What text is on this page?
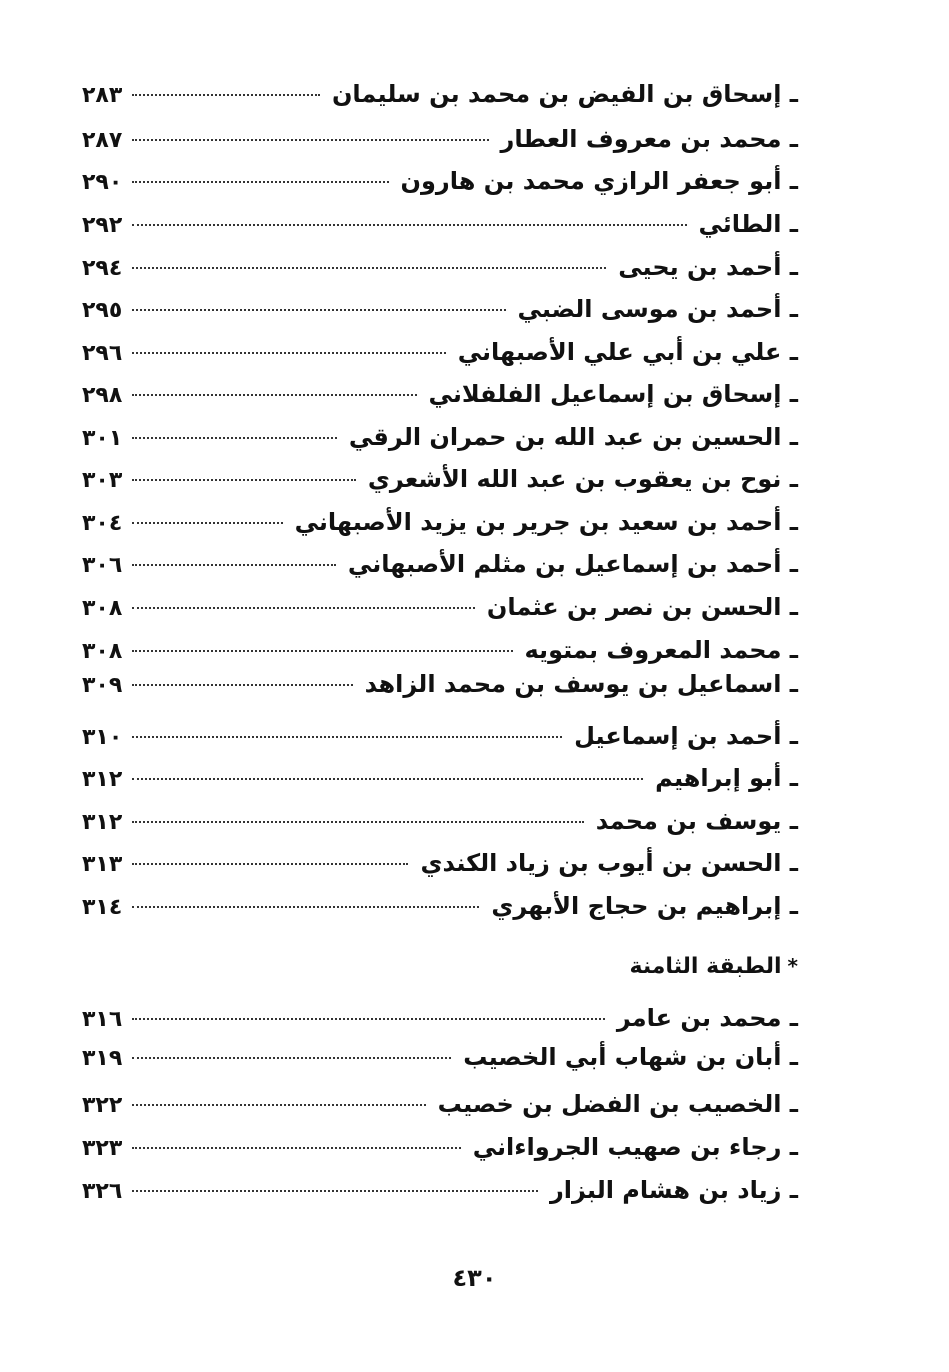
ـ إسحاق بن الفيض بن محمد بن سليمان
٢٨٣
ـ محمد بن معروف العطار
٢٨٧
ـ أبو جعفر الرازي محمد بن هارون
٢٩٠
ـ الطائي
٢٩٢
ـ أحمد بن يحيى
٢٩٤
ـ أحمد بن موسى الضبي
٢٩٥
ـ علي بن أبي علي الأصبهاني
٢٩٦
ـ إسحاق بن إسماعيل الفلفلاني
٢٩٨
ـ الحسين بن عبد الله بن حمران الرقي
٣٠١
ـ نوح بن يعقوب بن عبد الله الأشعري
٣٠٣
ـ أحمد بن سعيد بن جرير بن يزيد الأصبهاني
٣٠٤
ـ أحمد بن إسماعيل بن مثلم الأصبهاني
٣٠٦
ـ الحسن بن نصر بن عثمان
٣٠٨
ـ محمد المعروف بمتويه
٣٠٨
ـ اسماعيل بن يوسف بن محمد الزاهد
٣٠٩
ـ أحمد بن إسماعيل
٣١٠
ـ أبو إبراهيم
٣١٢
ـ يوسف بن محمد
٣١٢
ـ الحسن بن أيوب بن زياد الكندي
٣١٣
ـ إبراهيم بن حجاج الأبهري
٣١٤
*الطبقة الثامنة
ـ محمد بن عامر
٣١٦
ـ أبان بن شهاب أبي الخصيب
٣١٩
ـ الخصيب بن الفضل بن خصيب
٣٢٢
ـ رجاء بن صهيب الجرواءاني
٣٢٣
ـ زياد بن هشام البزار
٣٢٦
٤٣٠
